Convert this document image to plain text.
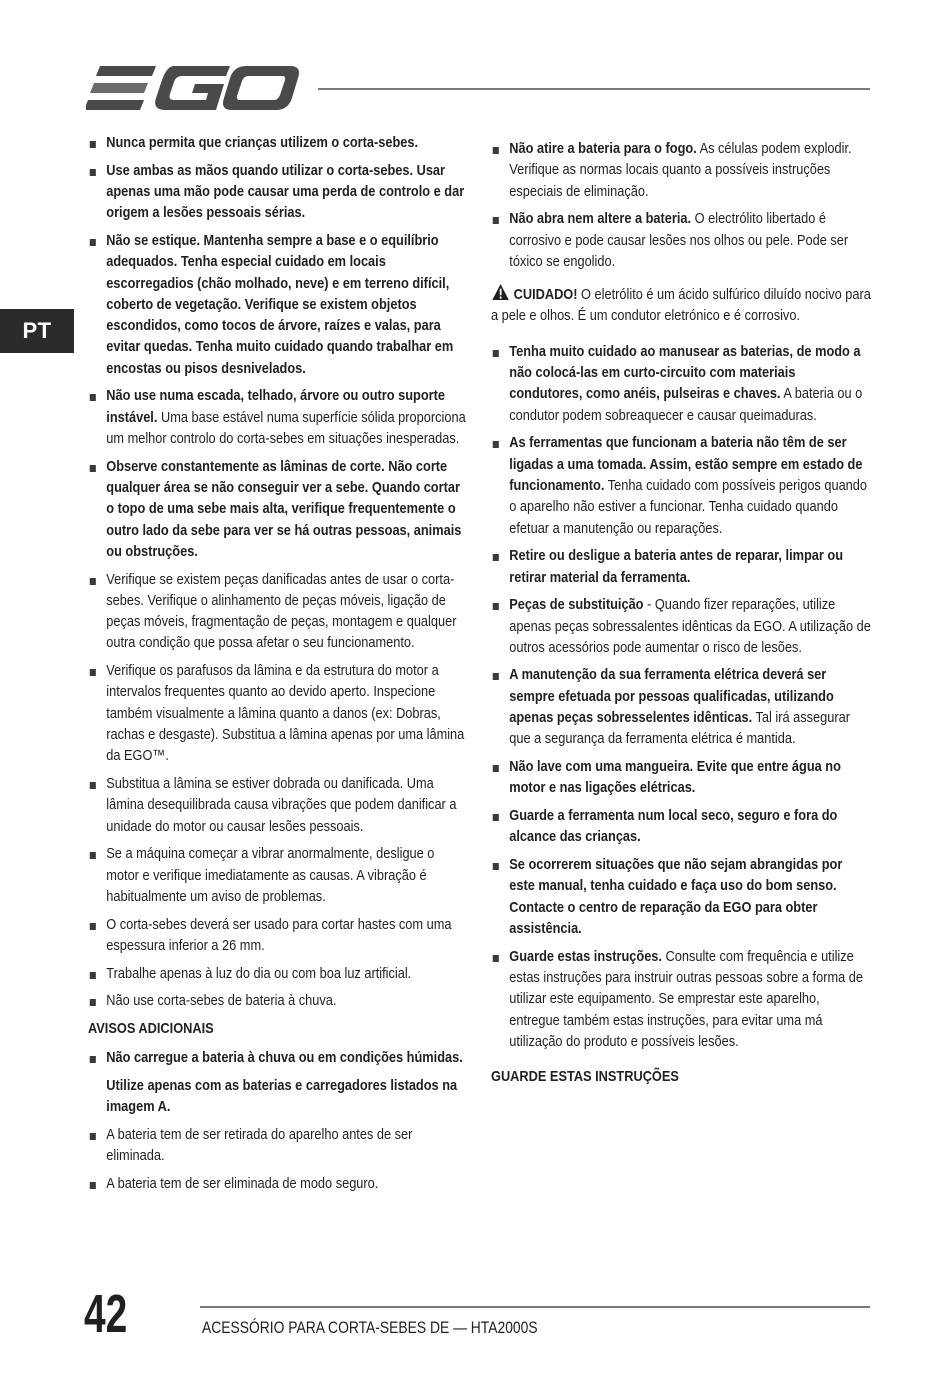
PT
Nunca permita que crianças utilizem o corta-sebes.
Use ambas as mãos quando utilizar o corta-sebes. Usar apenas uma mão pode causar uma perda de controlo e dar origem a lesões pessoais sérias.
Não se estique. Mantenha sempre a base e o equilíbrio adequados. Tenha especial cuidado em locais escorregadios (chão molhado, neve) e em terreno difícil, coberto de vegetação. Verifique se existem objetos escondidos, como tocos de árvore, raízes e valas, para evitar quedas. Tenha muito cuidado quando trabalhar em encostas ou pisos desnivelados.
Não use numa escada, telhado, árvore ou outro suporte instável. Uma base estável numa superfície sólida proporciona um melhor controlo do corta-sebes em situações inesperadas.
Observe constantemente as lâminas de corte. Não corte qualquer área se não conseguir ver a sebe. Quando cortar o topo de uma sebe mais alta, verifique frequentemente o outro lado da sebe para ver se há outras pessoas, animais ou obstruções.
Verifique se existem peças danificadas antes de usar o corta-sebes. Verifique o alinhamento de peças móveis, ligação de peças móveis, fragmentação de peças, montagem e qualquer outra condição que possa afetar o seu funcionamento.
Verifique os parafusos da lâmina e da estrutura do motor a intervalos frequentes quanto ao devido aperto. Inspecione também visualmente a lâmina quanto a danos (ex: Dobras, rachas e desgaste). Substitua a lâmina apenas por uma lâmina da EGO™.
Substitua a lâmina se estiver dobrada ou danificada. Uma lâmina desequilibrada causa vibrações que podem danificar a unidade do motor ou causar lesões pessoais.
Se a máquina começar a vibrar anormalmente, desligue o motor e verifique imediatamente as causas. A vibração é habitualmente um aviso de problemas.
O corta-sebes deverá ser usado para cortar hastes com uma espessura inferior a 26 mm.
Trabalhe apenas à luz do dia ou com boa luz artificial.
Não use corta-sebes de bateria à chuva.
AVISOS ADICIONAIS
Não carregue a bateria à chuva ou em condições húmidas.
Utilize apenas com as baterias e carregadores listados na imagem A.
A bateria tem de ser retirada do aparelho antes de ser eliminada.
A bateria tem de ser eliminada de modo seguro.
Não atire a bateria para o fogo. As células podem explodir. Verifique as normas locais quanto a possíveis instruções especiais de eliminação.
Não abra nem altere a bateria. O electrólito libertado é corrosivo e pode causar lesões nos olhos ou pele. Pode ser tóxico se engolido.
CUIDADO! O eletrólito é um ácido sulfúrico diluído nocivo para a pele e olhos. É um condutor eletrónico e é corrosivo.
Tenha muito cuidado ao manusear as baterias, de modo a não colocá-las em curto-circuito com materiais condutores, como anéis, pulseiras e chaves. A bateria ou o condutor podem sobreaquecer e causar queimaduras.
As ferramentas que funcionam a bateria não têm de ser ligadas a uma tomada. Assim, estão sempre em estado de funcionamento. Tenha cuidado com possíveis perigos quando o aparelho não estiver a funcionar. Tenha cuidado quando efetuar a manutenção ou reparações.
Retire ou desligue a bateria antes de reparar, limpar ou retirar material da ferramenta.
Peças de substituição - Quando fizer reparações, utilize apenas peças sobressalentes idênticas da EGO. A utilização de outros acessórios pode aumentar o risco de lesões.
A manutenção da sua ferramenta elétrica deverá ser sempre efetuada por pessoas qualificadas, utilizando apenas peças sobresselentes idênticas. Tal irá assegurar que a segurança da ferramenta elétrica é mantida.
Não lave com uma mangueira. Evite que entre água no motor e nas ligações elétricas.
Guarde a ferramenta num local seco, seguro e fora do alcance das crianças.
Se ocorrerem situações que não sejam abrangidas por este manual, tenha cuidado e faça uso do bom senso. Contacte o centro de reparação da EGO para obter assistência.
Guarde estas instruções. Consulte com frequência e utilize estas instruções para instruir outras pessoas sobre a forma de utilizar este equipamento. Se emprestar este aparelho, entregue também estas instruções, para evitar uma má utilização do produto e possíveis lesões.
GUARDE ESTAS INSTRUÇÕES
42	ACESSÓRIO PARA CORTA-SEBES DE — HTA2000S
